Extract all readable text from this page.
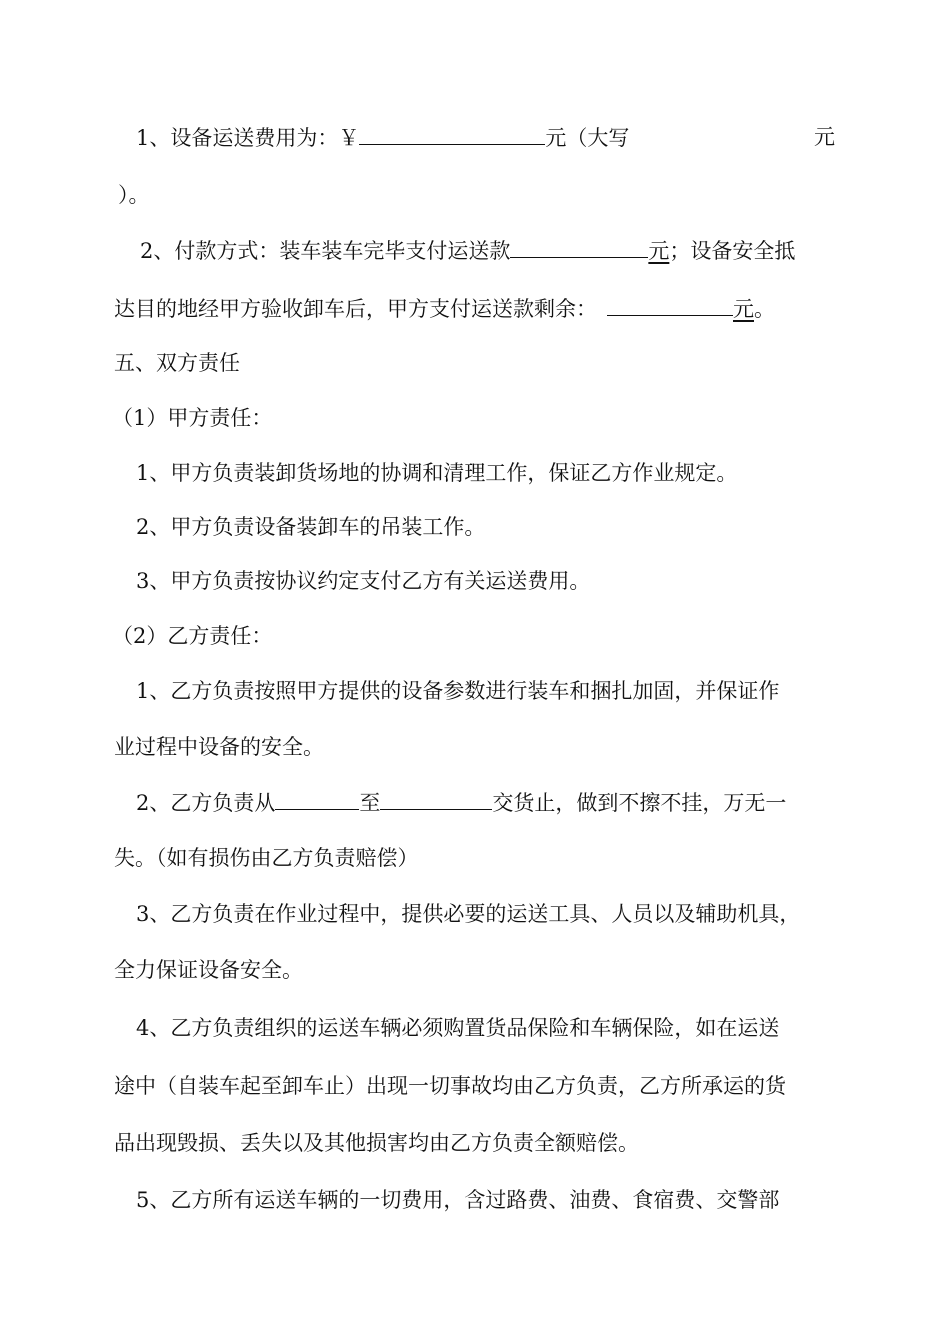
1、设备运送费用为：￥	元（大写	元
）。
2、付款方式：装车装车完毕支付运送款	元；设备安全抵
达目的地经甲方验收卸车后，甲方支付运送款剩余：	元。
五、双方责任
（1）甲方责任：
1、甲方负责装卸货场地的协调和清理工作，保证乙方作业规定。
2、甲方负责设备装卸车的吊装工作。
3、甲方负责按协议约定支付乙方有关运送费用。
（2）乙方责任：
1、乙方负责按照甲方提供的设备参数进行装车和捆扎加固，并保证作
业过程中设备的安全。
2、乙方负责从	至	交货止，做到不擦不挂，万无一
失。（如有损伤由乙方负责赔偿）
3、乙方负责在作业过程中，提供必要的运送工具、人员以及辅助机具，
全力保证设备安全。
4、乙方负责组织的运送车辆必须购置货品保险和车辆保险，如在运送
途中（自装车起至卸车止）出现一切事故均由乙方负责，乙方所承运的货
品出现毁损、丢失以及其他损害均由乙方负责全额赔偿。
5、乙方所有运送车辆的一切费用，含过路费、油费、食宿费、交警部
